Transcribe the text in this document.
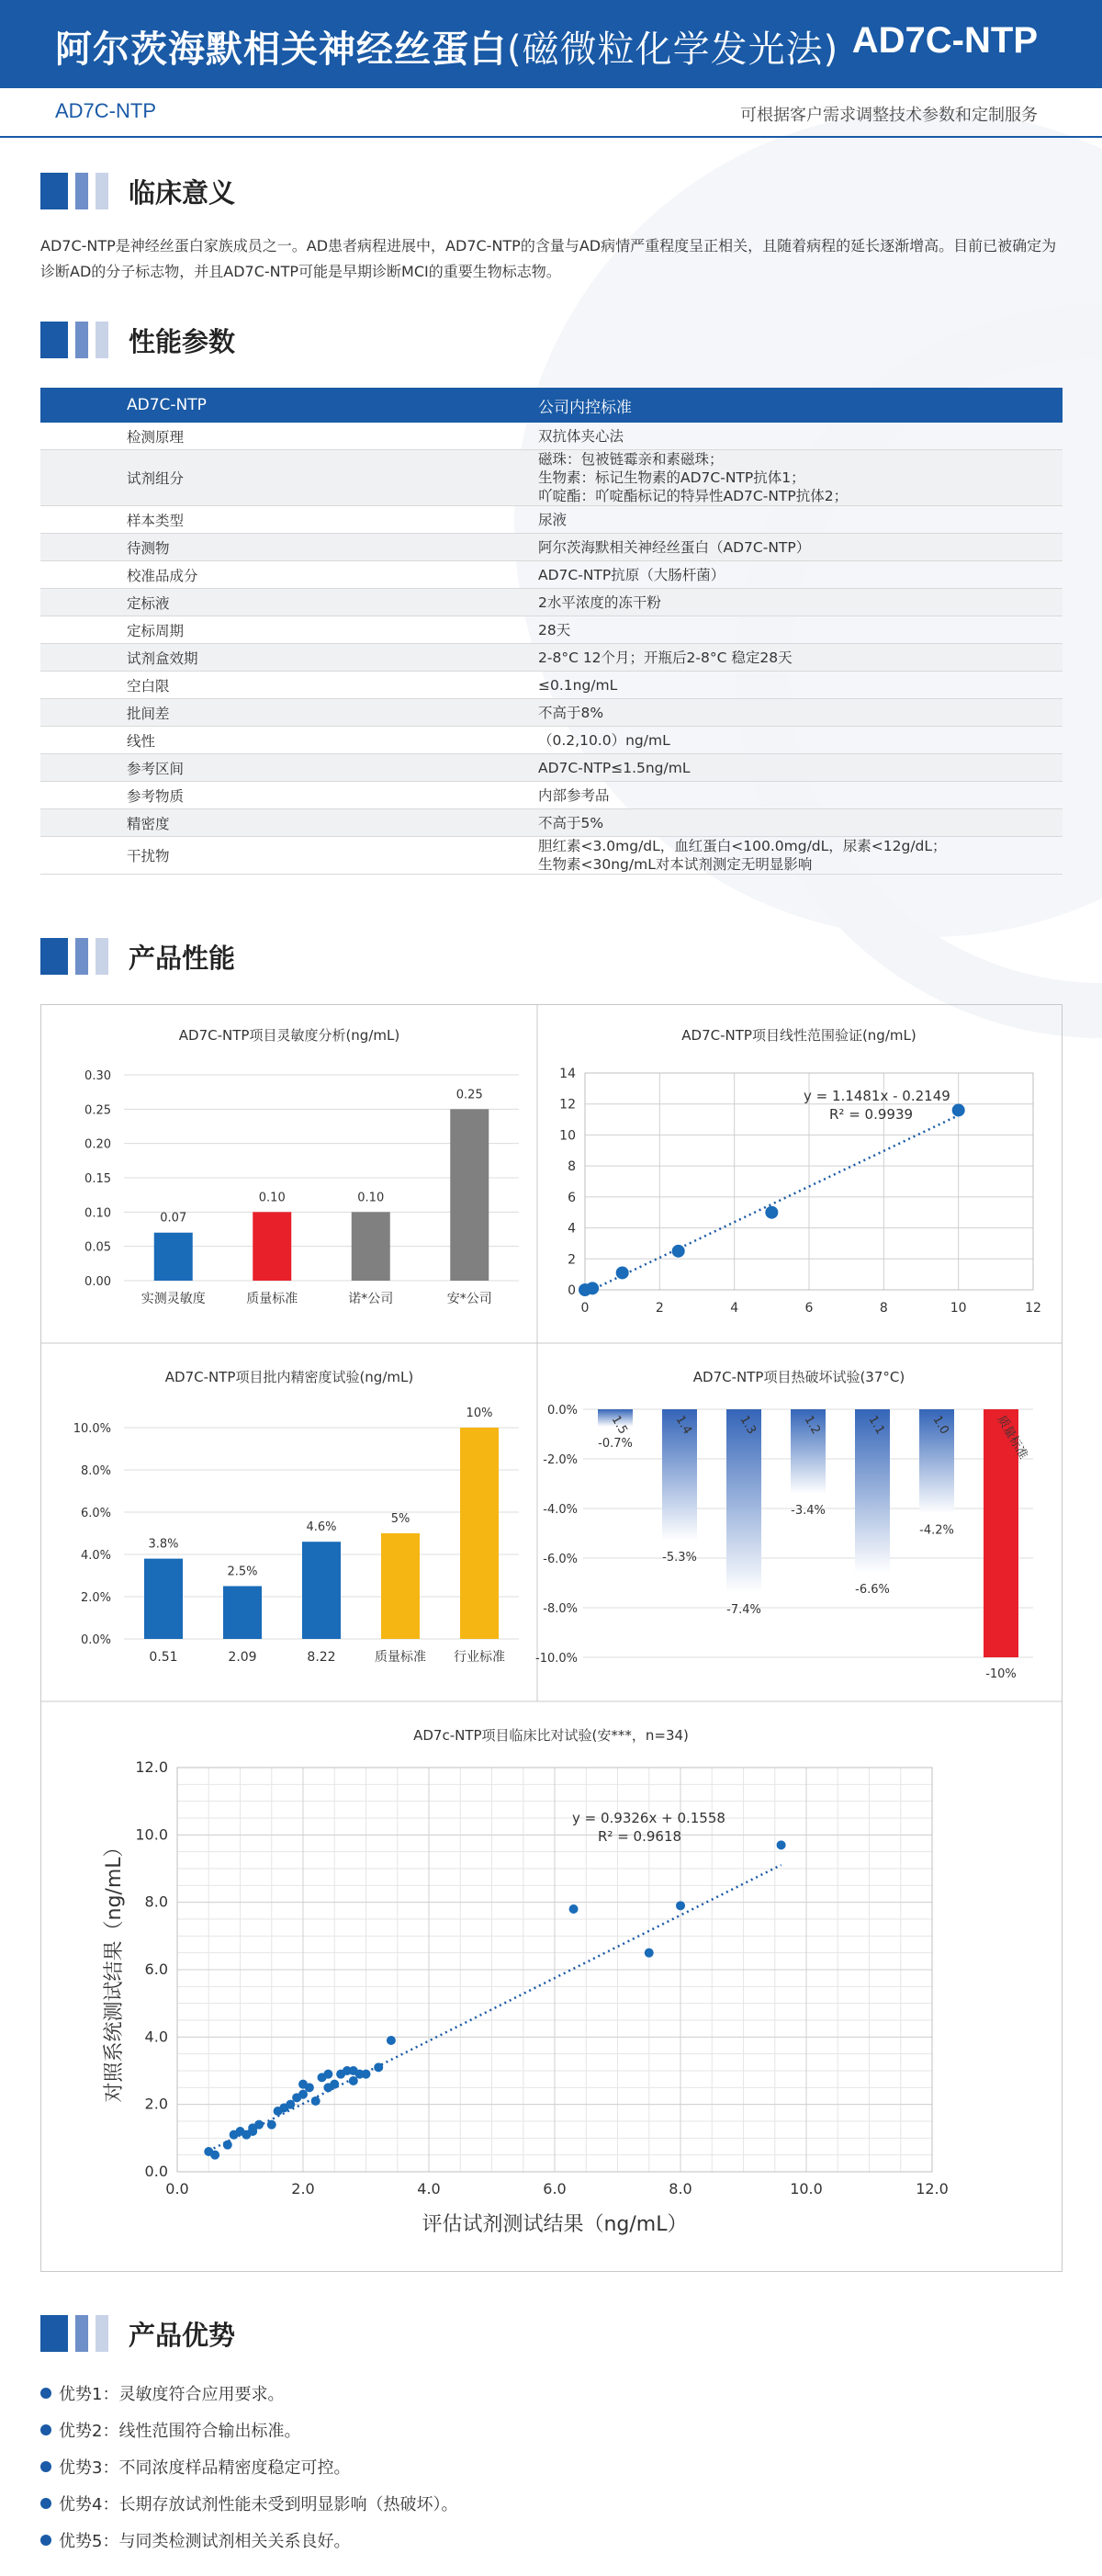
阿尔茨海默相关神经丝蛋白(磁微粒化学发光法) AD7C-NTP
AD7C-NTP	可根据客户需求调整技术参数和定制服务
临床意义
AD7C-NTP是神经丝蛋白家族成员之一。AD患者病程进展中，AD7C-NTP的含量与AD病情严重程度呈正相关，且随着病程的延长逐渐增高。目前已被确定为诊断AD的分子标志物，并且AD7C-NTP可能是早期诊断MCI的重要生物标志物。
性能参数
AD7C-NTP	公司内控标准
检测原理	双抗体夹心法
试剂组分	磁珠：包被链霉亲和素磁珠；
生物素：标记生物素的AD7C-NTP抗体1；
吖啶酯：吖啶酯标记的特异性AD7C-NTP抗体2；
样本类型	尿液
待测物	阿尔茨海默相关神经丝蛋白（AD7C-NTP）
校准品成分	AD7C-NTP抗原（大肠杆菌）
定标液	2水平浓度的冻干粉
定标周期	28天
试剂盒效期	2-8°C 12个月；开瓶后2-8°C 稳定28天
空白限	≤0.1ng/mL
批间差	不高于8%
线性	（0.2,10.0）ng/mL
参考区间	AD7C-NTP≤1.5ng/mL
参考物质	内部参考品
精密度	不高于5%
干扰物	胆红素<3.0mg/dL，血红蛋白<100.0mg/dL，尿素<12g/dL；
生物素<30ng/mL对本试剂测定无明显影响
产品性能
AD7C-NTP项目灵敏度分析(ng/mL)
0.00
0.05
0.10
0.15
0.20
0.25
0.30
0.07
实测灵敏度
0.10
质量标准
0.10
诺*公司
0.25
安*公司
AD7C-NTP项目批内精密度试验(ng/mL)
0.0%
2.0%
4.0%
6.0%
8.0%
10.0%
3.8%
0.51
2.5%
2.09
4.6%
8.22
5%
质量标准
10%
行业标准
AD7C-NTP项目热破坏试验(37°C)
0.0%
-2.0%
-4.0%
-6.0%
-8.0%
-10.0%
-0.7%
1.5
-5.3%
1.4
-7.4%
1.3
-3.4%
1.2
-6.6%
1.1
-4.2%
1.0
-10%
质量标准
AD7C-NTP项目线性范围验证(ng/mL)
0	2	4	6	8	10	12
0
2
4
6
8
10
12
14
y = 1.1481x - 0.2149
R² = 0.9939
AD7c-NTP项目临床比对试验(安***，n=34)
0.0	2.0	4.0	6.0	8.0	10.0	12.0
0.0
2.0
4.0
6.0
8.0
10.0
12.0
y = 0.9326x + 0.1558
R² = 0.9618
评估试剂测试结果（ng/mL）
对照系统测试结果（ng/mL）
产品优势
优势1：灵敏度符合应用要求。
优势2：线性范围符合输出标准。
优势3：不同浓度样品精密度稳定可控。
优势4：长期存放试剂性能未受到明显影响（热破坏）。
优势5：与同类检测试剂相关关系良好。
